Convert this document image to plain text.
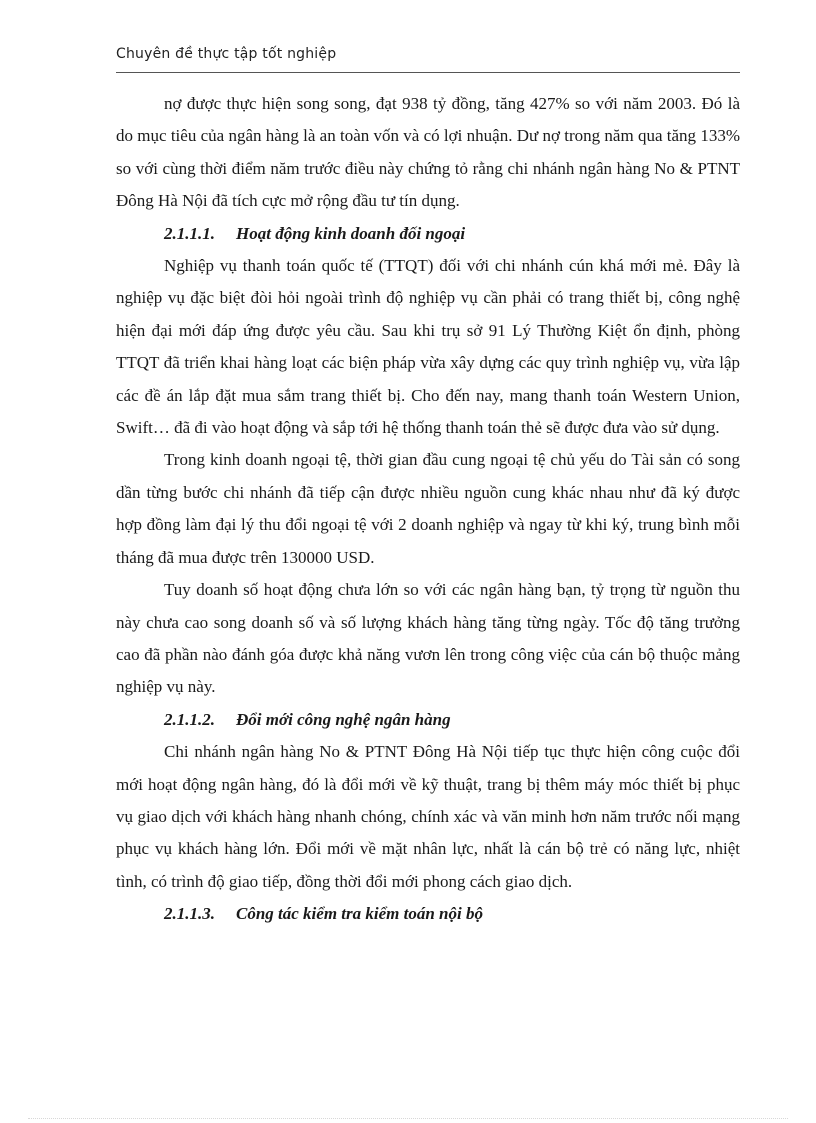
Chuyên đề thực tập tốt nghiệp

nợ được thực hiện song song, đạt 938 tỷ đồng, tăng 427% so với năm 2003. Đó là do mục tiêu của ngân hàng là an toàn vốn và có lợi nhuận. Dư nợ trong năm qua tăng 133% so với cùng thời điểm năm trước điều này chứng tỏ rằng chi nhánh ngân hàng No & PTNT Đông Hà Nội đã tích cực mở rộng đầu tư tín dụng.

2.1.1.1. Hoạt động kinh doanh đối ngoại

Nghiệp vụ thanh toán quốc tế (TTQT) đối với chi nhánh cún khá mới mẻ. Đây là nghiệp vụ đặc biệt đòi hỏi ngoài trình độ nghiệp vụ cần phải có trang thiết bị, công nghệ hiện đại mới đáp ứng được yêu cầu. Sau khi trụ sở 91 Lý Thường Kiệt ổn định, phòng TTQT đã triển khai hàng loạt các biện pháp vừa xây dựng các quy trình nghiệp vụ, vừa lập các đề án lắp đặt mua sắm trang thiết bị. Cho đến nay, mang thanh toán Western Union, Swift… đã đi vào hoạt động và sắp tới hệ thống thanh toán thẻ sẽ được đưa vào sử dụng.

Trong kinh doanh ngoại tệ, thời gian đầu cung ngoại tệ chủ yếu do Tài sản có song dần từng bước chi nhánh đã tiếp cận được nhiều nguồn cung khác nhau như đã ký được hợp đồng làm đại lý thu đổi ngoại tệ với 2 doanh nghiệp và ngay từ khi ký, trung bình mỗi tháng đã mua được trên 130000 USD.

Tuy doanh số hoạt động chưa lớn so với các ngân hàng bạn, tỷ trọng từ nguồn thu này chưa cao song doanh số và số lượng khách hàng tăng từng ngày. Tốc độ tăng trưởng cao đã phần nào đánh góa được khả năng vươn lên trong công việc của cán bộ thuộc mảng nghiệp vụ này.

2.1.1.2. Đổi mới công nghệ ngân hàng

Chi nhánh ngân hàng No & PTNT Đông Hà Nội tiếp tục thực hiện công cuộc đổi mới hoạt động ngân hàng, đó là đổi mới về kỹ thuật, trang bị thêm máy móc thiết bị phục vụ giao dịch với khách hàng nhanh chóng, chính xác và văn minh hơn năm trước nối mạng phục vụ khách hàng lớn. Đổi mới về mặt nhân lực, nhất là cán bộ trẻ có năng lực, nhiệt tình, có trình độ giao tiếp, đồng thời đổi mới phong cách giao dịch.

2.1.1.3. Công tác kiểm tra kiểm toán nội bộ
